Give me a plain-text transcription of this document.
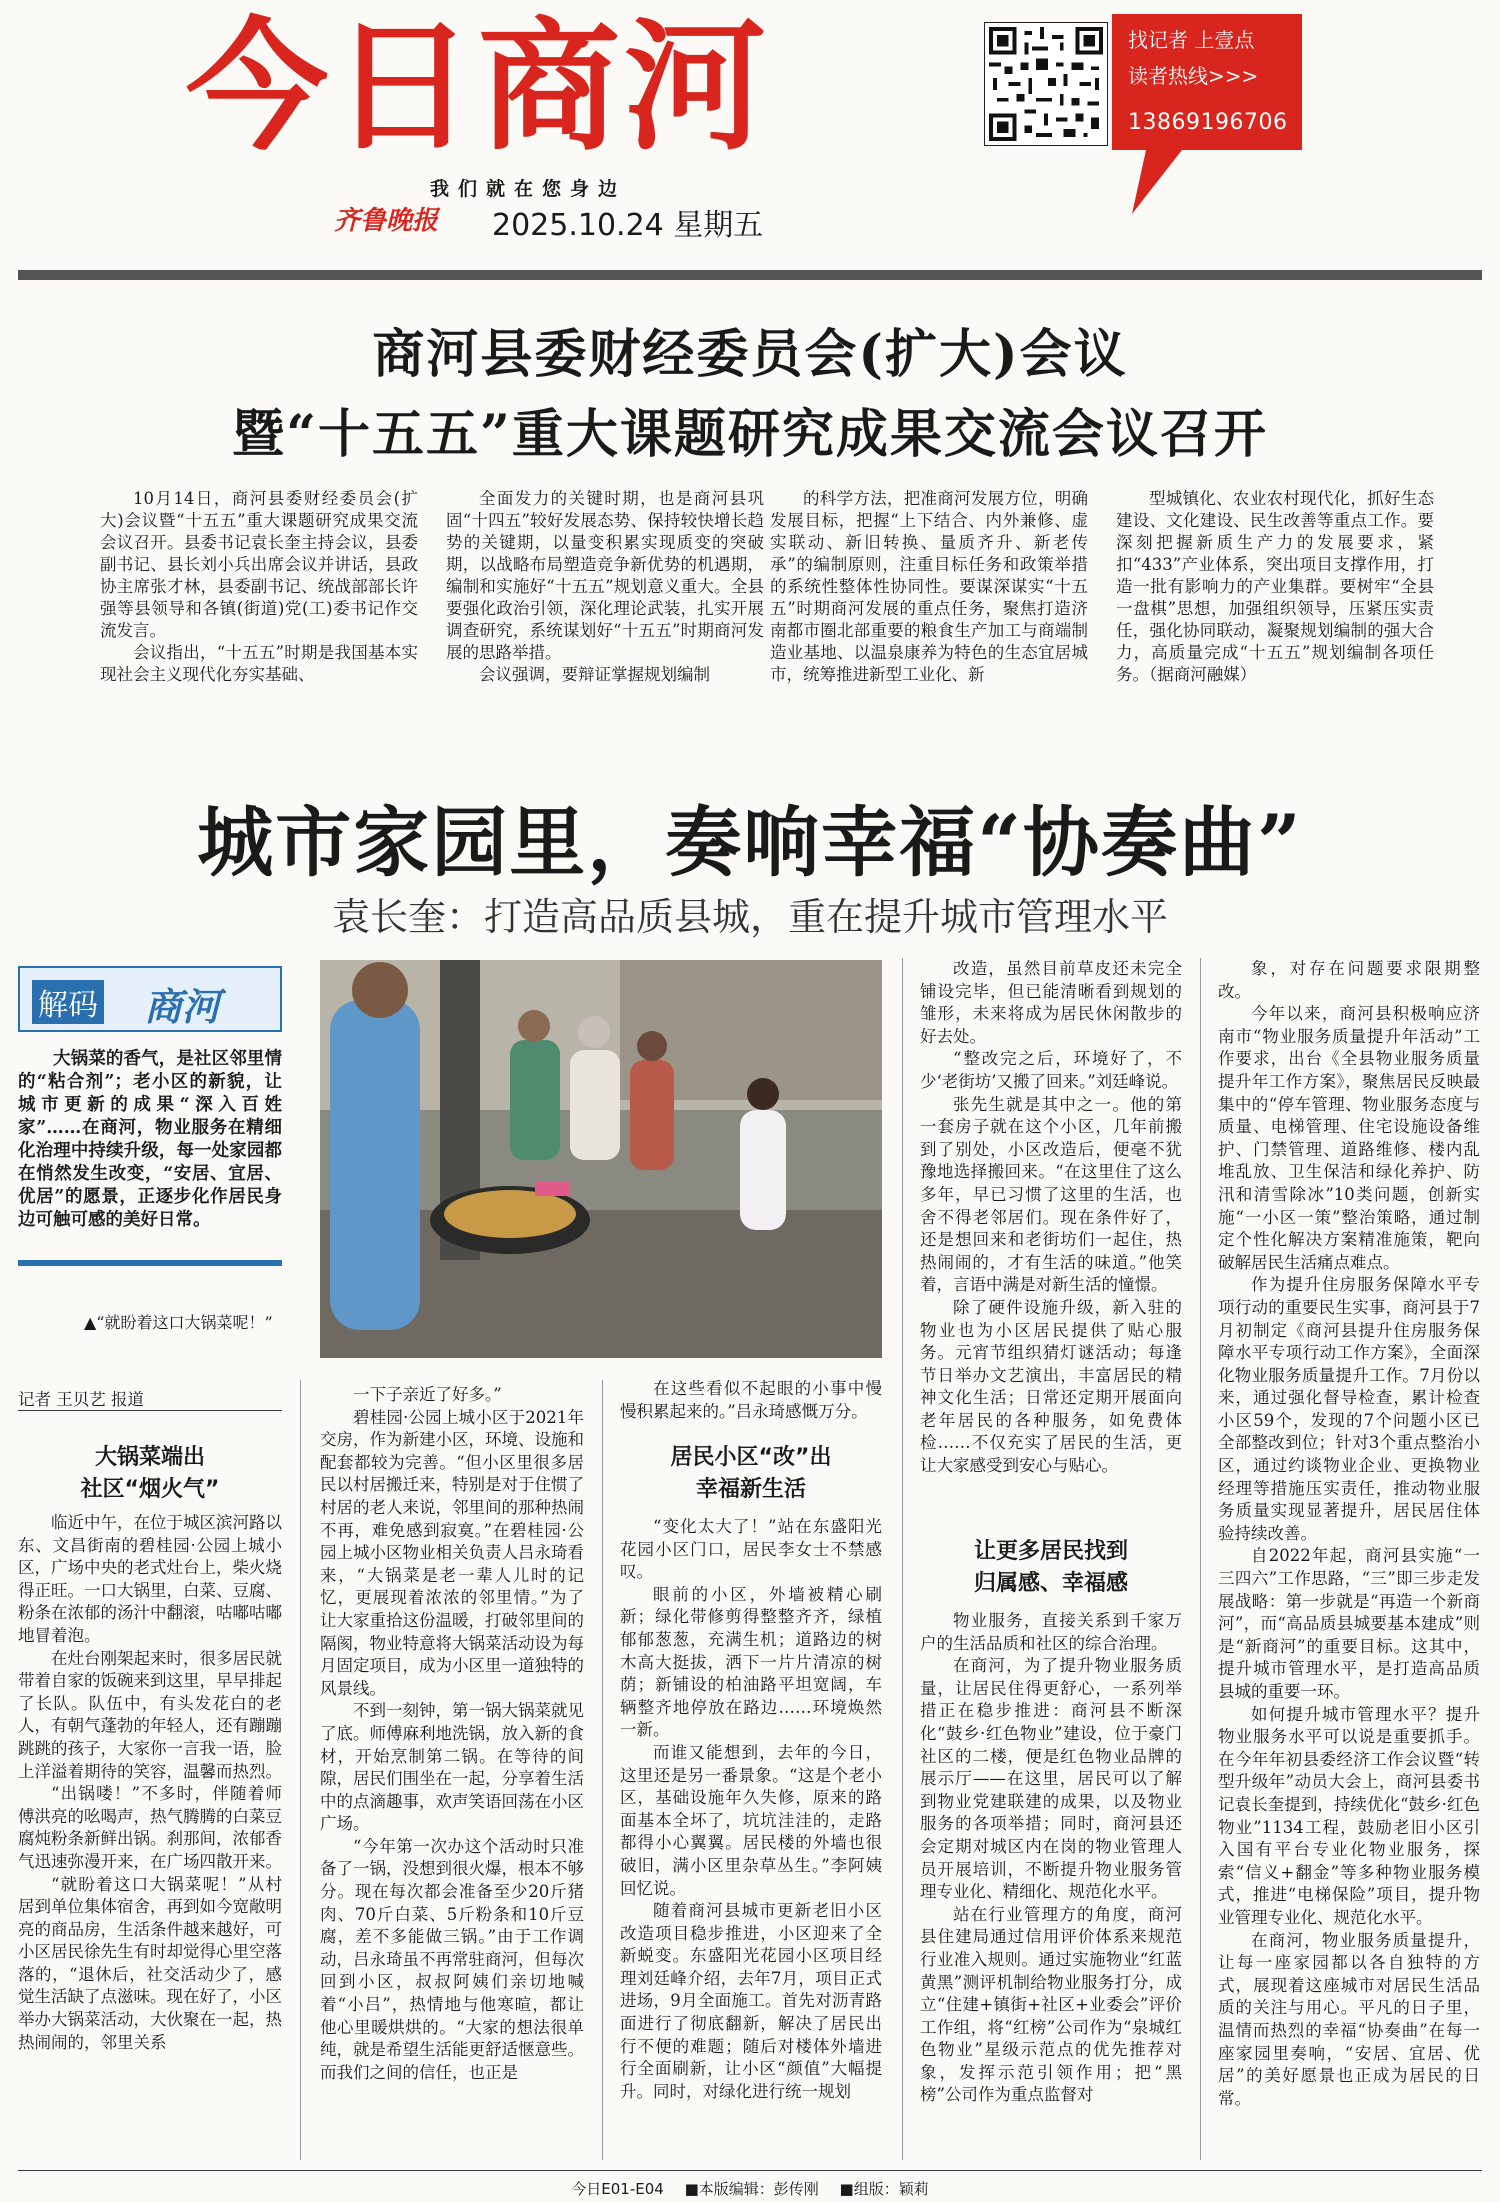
今日商河	找记者 上壹点
读者热线>>>
13869196706
我们就在您身边
齐鲁晚报 2025.10.24 星期五
商河县委财经委员会(扩大)会议
暨“十五五”重大课题研究成果交流会议召开

10月14日，商河县委财经委员会(扩大)会议暨“十五五”重大课题研究成果交流会议召开。县委书记袁长奎主持会议，县委副书记、县长刘小兵出席会议并讲话，县政协主席张才林，县委副书记、统战部部长许强等县领导和各镇(街道)党(工)委书记作交流发言。

会议指出，“十五五”时期是我国基本实现社会主义现代化夯实基础、

全面发力的关键时期，也是商河县巩固“十四五”较好发展态势、保持较快增长趋势的关键期，以量变积累实现质变的突破期，以战略布局塑造竞争新优势的机遇期，编制和实施好“十五五”规划意义重大。全县要强化政治引领，深化理论武装，扎实开展调查研究，系统谋划好“十五五”时期商河发展的思路举措。

会议强调，要辩证掌握规划编制

的科学方法，把准商河发展方位，明确发展目标，把握“上下结合、内外兼修、虚实联动、新旧转换、量质齐升、新老传承”的编制原则，注重目标任务和政策举措的系统性整体性协同性。要谋深谋实“十五五”时期商河发展的重点任务，聚焦打造济南都市圈北部重要的粮食生产加工与商端制造业基地、以温泉康养为特色的生态宜居城市，统筹推进新型工业化、新

型城镇化、农业农村现代化，抓好生态建设、文化建设、民生改善等重点工作。要深刻把握新质生产力的发展要求，紧扣“433”产业体系，突出项目支撑作用，打造一批有影响力的产业集群。要树牢“全县一盘棋”思想，加强组织领导，压紧压实责任，强化协同联动，凝聚规划编制的强大合力，高质量完成“十五五”规划编制各项任务。（据商河融媒）

城市家园里，奏响幸福“协奏曲”
袁长奎：打造高品质县城，重在提升城市管理水平
解码 商河

大锅菜的香气，是社区邻里情的“粘合剂”；老小区的新貌，让城市更新的成果“深入百姓家”……在商河，物业服务在精细化治理中持续升级，每一处家园都在悄然发生改变，“安居、宜居、优居”的愿景，正逐步化作居民身边可触可感的美好日常。

▲“就盼着这口大锅菜呢！”
记者 王贝艺 报道
大锅菜端出
社区“烟火气”
居民小区“改”出
幸福新生活
让更多居民找到
归属感、幸福感

临近中午，在位于城区滨河路以东、文昌街南的碧桂园·公园上城小区，广场中央的老式灶台上，柴火烧得正旺。一口大锅里，白菜、豆腐、粉条在浓郁的汤汁中翻滚，咕嘟咕嘟地冒着泡。

在灶台刚架起来时，很多居民就带着自家的饭碗来到这里，早早排起了长队。队伍中，有头发花白的老人，有朝气蓬勃的年轻人，还有蹦蹦跳跳的孩子，大家你一言我一语，脸上洋溢着期待的笑容，温馨而热烈。

“出锅喽！”不多时，伴随着师傅洪亮的吆喝声，热气腾腾的白菜豆腐炖粉条新鲜出锅。刹那间，浓郁香气迅速弥漫开来，在广场四散开来。

“就盼着这口大锅菜呢！”从村居到单位集体宿舍，再到如今宽敞明亮的商品房，生活条件越来越好，可小区居民徐先生有时却觉得心里空落落的，“退休后，社交活动少了，感觉生活缺了点滋味。现在好了，小区举办大锅菜活动，大伙聚在一起，热热闹闹的，邻里关系

一下子亲近了好多。”

碧桂园·公园上城小区于2021年交房，作为新建小区，环境、设施和配套都较为完善。“但小区里很多居民以村居搬迁来，特别是对于住惯了村居的老人来说，邻里间的那种热闹不再，难免感到寂寞。”在碧桂园·公园上城小区物业相关负责人吕永琦看来，“大锅菜是老一辈人儿时的记忆，更展现着浓浓的邻里情。”为了让大家重拾这份温暖，打破邻里间的隔阂，物业特意将大锅菜活动设为每月固定项目，成为小区里一道独特的风景线。

不到一刻钟，第一锅大锅菜就见了底。师傅麻利地洗锅，放入新的食材，开始烹制第二锅。在等待的间隙，居民们围坐在一起，分享着生活中的点滴趣事，欢声笑语回荡在小区广场。

“今年第一次办这个活动时只准备了一锅，没想到很火爆，根本不够分。现在每次都会准备至少20斤猪肉、70斤白菜、5斤粉条和10斤豆腐，差不多能做三锅。”由于工作调动，吕永琦虽不再常驻商河，但每次回到小区，叔叔阿姨们亲切地喊着“小吕”，热情地与他寒暄，都让他心里暖烘烘的。“大家的想法很单纯，就是希望生活能更舒适惬意些。而我们之间的信任，也正是

在这些看似不起眼的小事中慢慢积累起来的。”吕永琦感慨万分。

“变化太大了！”站在东盛阳光花园小区门口，居民李女士不禁感叹。

眼前的小区，外墙被精心刷新；绿化带修剪得整整齐齐，绿植郁郁葱葱，充满生机；道路边的树木高大挺拔，洒下一片片清凉的树荫；新铺设的柏油路平坦宽阔，车辆整齐地停放在路边……环境焕然一新。

而谁又能想到，去年的今日，这里还是另一番景象。“这是个老小区，基础设施年久失修，原来的路面基本全坏了，坑坑洼洼的，走路都得小心翼翼。居民楼的外墙也很破旧，满小区里杂草丛生。”李阿姨回忆说。

随着商河县城市更新老旧小区改造项目稳步推进，小区迎来了全新蜕变。东盛阳光花园小区项目经理刘廷峰介绍，去年7月，项目正式进场，9月全面施工。首先对沥青路面进行了彻底翻新，解决了居民出行不便的难题；随后对楼体外墙进行全面刷新，让小区“颜值”大幅提升。同时，对绿化进行统一规划

改造，虽然目前草皮还未完全铺设完毕，但已能清晰看到规划的雏形，未来将成为居民休闲散步的好去处。

“整改完之后，环境好了，不少‘老街坊’又搬了回来。”刘廷峰说。

张先生就是其中之一。他的第一套房子就在这个小区，几年前搬到了别处，小区改造后，便毫不犹豫地选择搬回来。“在这里住了这么多年，早已习惯了这里的生活，也舍不得老邻居们。现在条件好了，还是想回来和老街坊们一起住，热热闹闹的，才有生活的味道。”他笑着，言语中满是对新生活的憧憬。

除了硬件设施升级，新入驻的物业也为小区居民提供了贴心服务。元宵节组织猜灯谜活动；每逢节日举办文艺演出，丰富居民的精神文化生活；日常还定期开展面向老年居民的各种服务，如免费体检……不仅充实了居民的生活，更让大家感受到安心与贴心。

物业服务，直接关系到千家万户的生活品质和社区的综合治理。

在商河，为了提升物业服务质量，让居民住得更舒心，一系列举措正在稳步推进：商河县不断深化“鼓乡·红色物业”建设，位于豪门社区的二楼，便是红色物业品牌的展示厅——在这里，居民可以了解到物业党建联建的成果，以及物业服务的各项举措；同时，商河县还会定期对城区内在岗的物业管理人员开展培训，不断提升物业服务管理专业化、精细化、规范化水平。

站在行业管理方的角度，商河县住建局通过信用评价体系来规范行业准入规则。通过实施物业“红蓝黄黑”测评机制给物业服务打分，成立“住建+镇街+社区+业委会”评价工作组，将“红榜”公司作为“泉城红色物业”星级示范点的优先推荐对象，发挥示范引领作用；把“黑榜”公司作为重点监督对

象，对存在问题要求限期整改。

今年以来，商河县积极响应济南市“物业服务质量提升年活动”工作要求，出台《全县物业服务质量提升年工作方案》，聚焦居民反映最集中的“停车管理、物业服务态度与质量、电梯管理、住宅设施设备维护、门禁管理、道路维修、楼内乱堆乱放、卫生保洁和绿化养护、防汛和清雪除冰”10类问题，创新实施“一小区一策”整治策略，通过制定个性化解决方案精准施策，靶向破解居民生活痛点难点。

作为提升住房服务保障水平专项行动的重要民生实事，商河县于7月初制定《商河县提升住房服务保障水平专项行动工作方案》，全面深化物业服务质量提升工作。7月份以来，通过强化督导检查，累计检查小区59个，发现的7个问题小区已全部整改到位；针对3个重点整治小区，通过约谈物业企业、更换物业经理等措施压实责任，推动物业服务质量实现显著提升，居民居住体验持续改善。

自2022年起，商河县实施“一三四六”工作思路，“三”即三步走发展战略：第一步就是“再造一个新商河”，而“高品质县城要基本建成”则是“新商河”的重要目标。这其中，提升城市管理水平，是打造高品质县城的重要一环。

如何提升城市管理水平？提升物业服务水平可以说是重要抓手。在今年年初县委经济工作会议暨“转型升级年”动员大会上，商河县委书记袁长奎提到，持续优化“鼓乡·红色物业”1134工程，鼓励老旧小区引入国有平台专业化物业服务，探索“信义+翻金”等多种物业服务模式，推进“电梯保险”项目，提升物业管理专业化、规范化水平。

在商河，物业服务质量提升，让每一座家园都以各自独特的方式，展现着这座城市对居民生活品质的关注与用心。平凡的日子里，温情而热烈的幸福“协奏曲”在每一座家园里奏响，“安居、宜居、优居”的美好愿景也正成为居民的日常。

今日E01-E04 ■本版编辑：彭传刚 ■组版：颖莉
